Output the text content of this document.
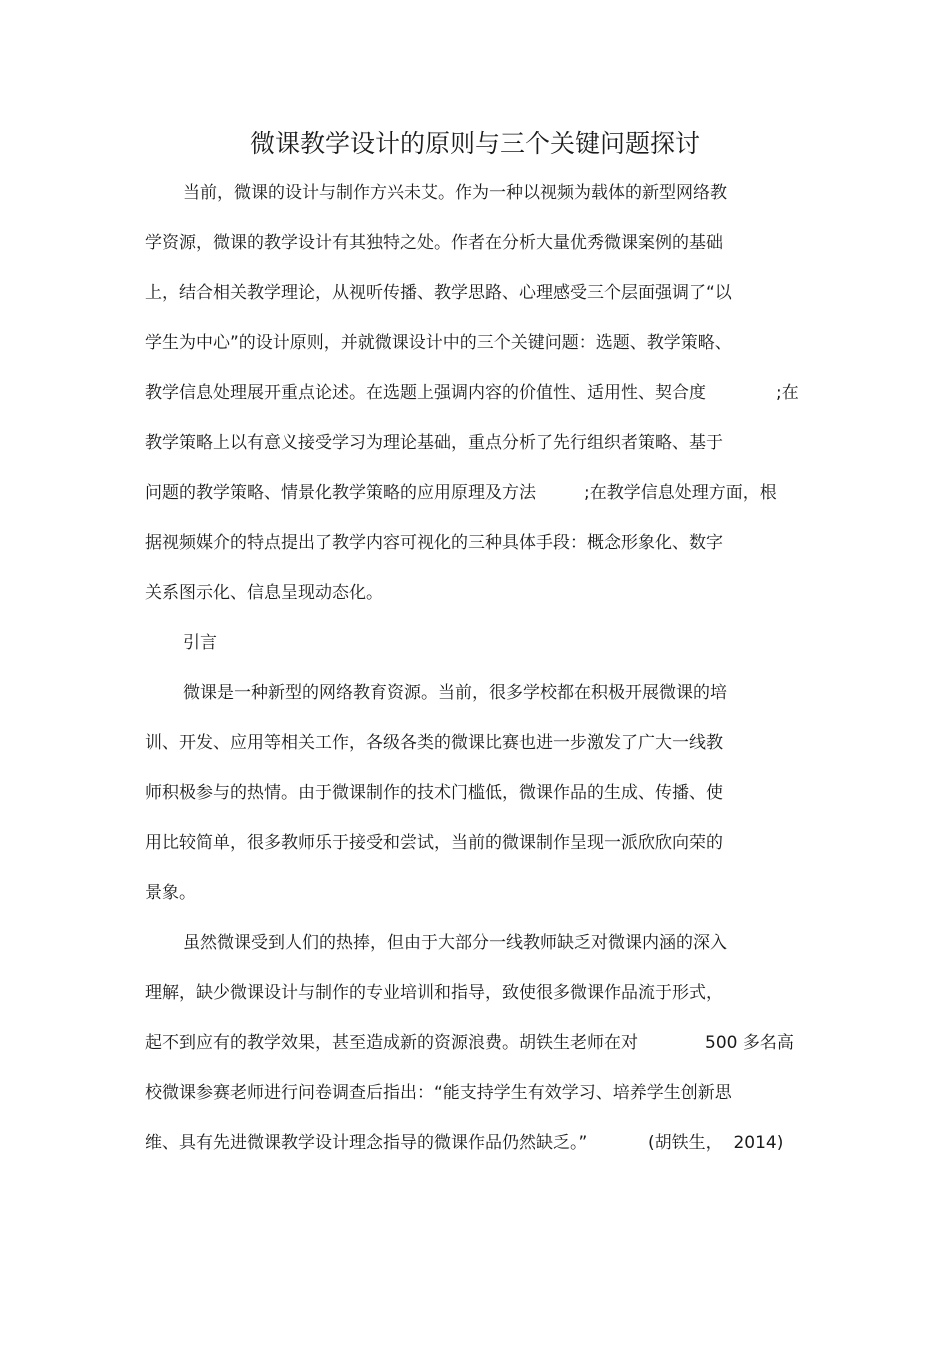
微课教学设计的原则与三个关键问题探讨
当前，微课的设计与制作方兴未艾。作为一种以视频为载体的新型网络教
学资源，微课的教学设计有其独特之处。作者在分析大量优秀微课案例的基础
上，结合相关教学理论，从视听传播、教学思路、心理感受三个层面强调了“以
学生为中心”的设计原则，并就微课设计中的三个关键问题：选题、教学策略、
教学信息处理展开重点论述。在选题上强调内容的价值性、适用性、契合度	;在
教学策略上以有意义接受学习为理论基础，重点分析了先行组织者策略、基于
问题的教学策略、情景化教学策略的应用原理及方法	;在教学信息处理方面，根
据视频媒介的特点提出了教学内容可视化的三种具体手段：概念形象化、数字
关系图示化、信息呈现动态化。
引言
微课是一种新型的网络教育资源。当前，很多学校都在积极开展微课的培
训、开发、应用等相关工作，各级各类的微课比赛也进一步激发了广大一线教
师积极参与的热情。由于微课制作的技术门槛低，微课作品的生成、传播、使
用比较简单，很多教师乐于接受和尝试，当前的微课制作呈现一派欣欣向荣的
景象。
虽然微课受到人们的热捧，但由于大部分一线教师缺乏对微课内涵的深入
理解，缺少微课设计与制作的专业培训和指导，致使很多微课作品流于形式，
起不到应有的教学效果，甚至造成新的资源浪费。胡铁生老师在对	500 多名高
校微课参赛老师进行问卷调查后指出：“能支持学生有效学习、培养学生创新思
维、具有先进微课教学设计理念指导的微课作品仍然缺乏。”	(胡铁生，  2014)
